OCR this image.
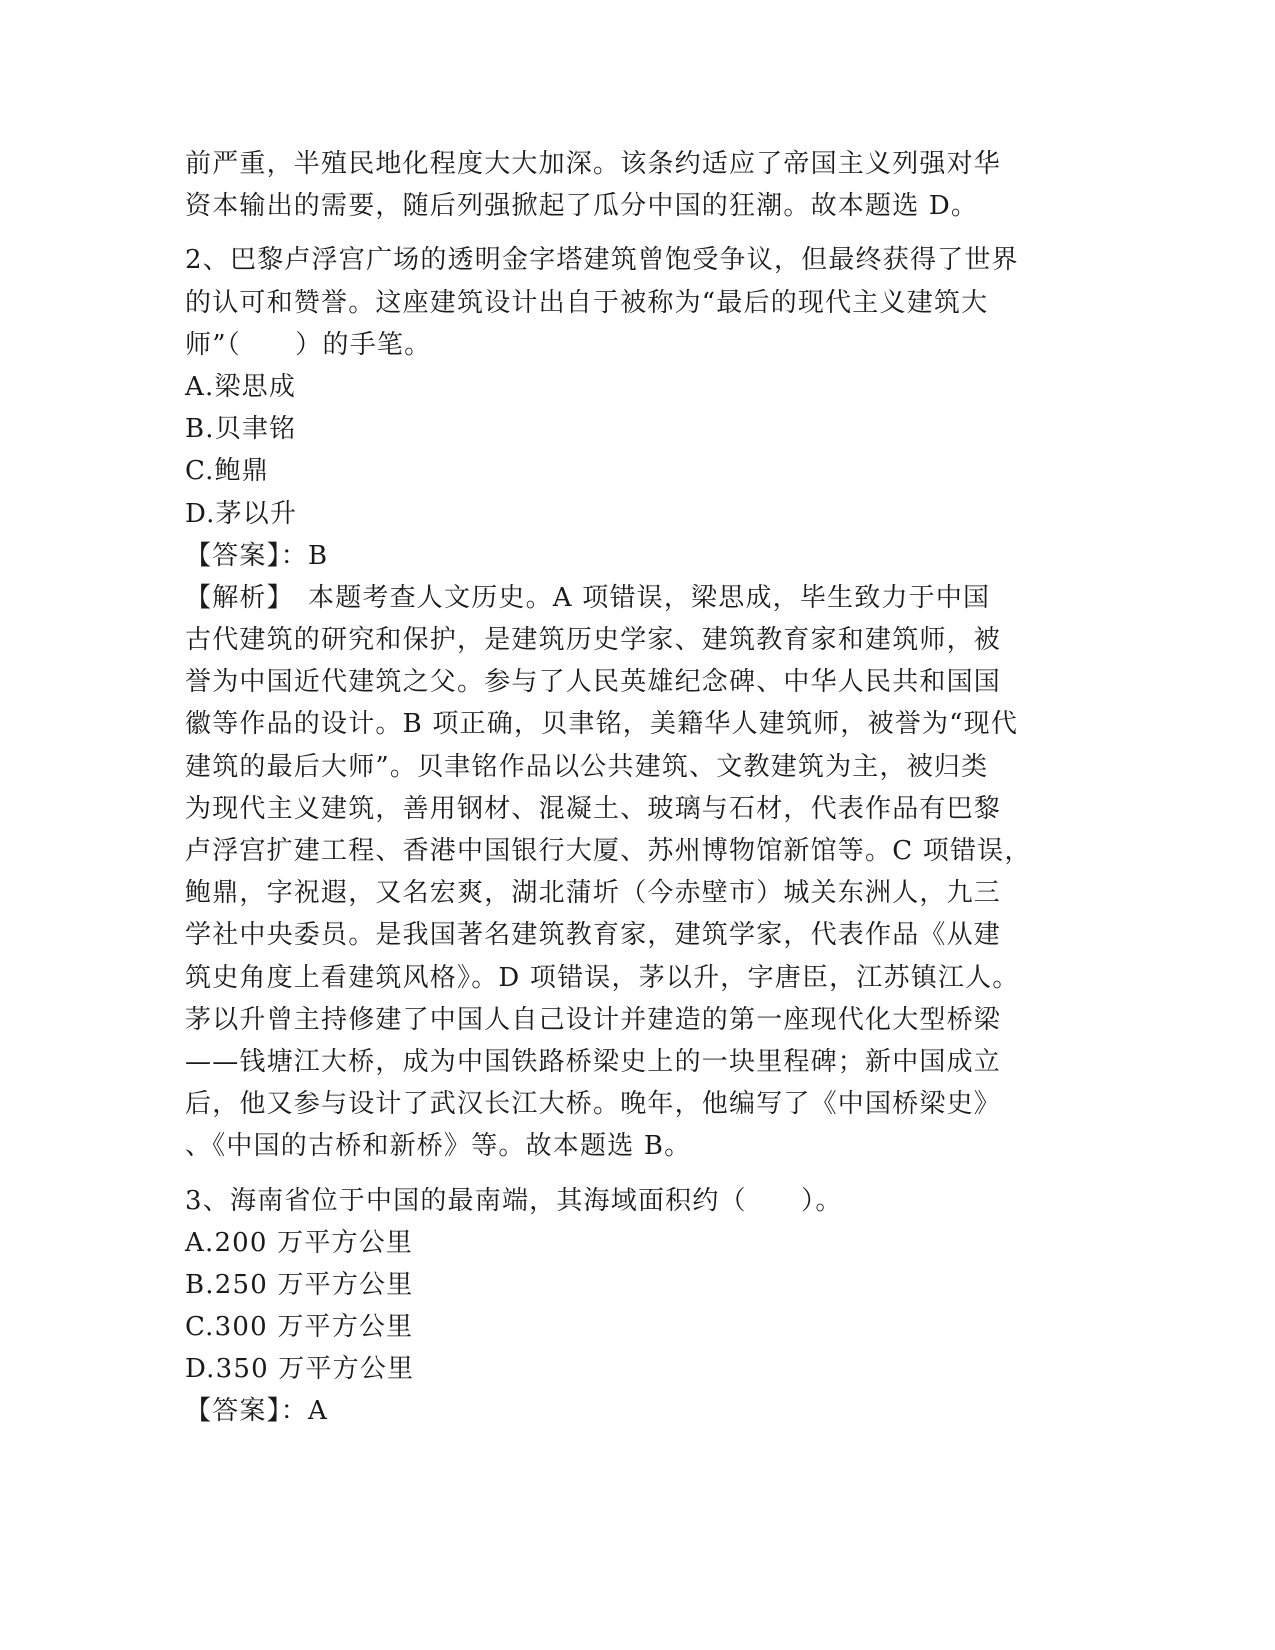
前严重，半殖民地化程度大大加深。该条约适应了帝国主义列强对华
资本输出的需要，随后列强掀起了瓜分中国的狂潮。故本题选 D。
2、巴黎卢浮宫广场的透明金字塔建筑曾饱受争议，但最终获得了世界
的认可和赞誉。这座建筑设计出自于被称为“最后的现代主义建筑大
师”（　　）的手笔。
A.梁思成
B.贝聿铭
C.鲍鼎
D.茅以升
【答案】：B
【解析】　本题考查人文历史。A 项错误，梁思成，毕生致力于中国
古代建筑的研究和保护，是建筑历史学家、建筑教育家和建筑师，被
誉为中国近代建筑之父。参与了人民英雄纪念碑、中华人民共和国国
徽等作品的设计。B 项正确，贝聿铭，美籍华人建筑师，被誉为“现代
建筑的最后大师”。贝聿铭作品以公共建筑、文教建筑为主，被归类
为现代主义建筑，善用钢材、混凝土、玻璃与石材，代表作品有巴黎
卢浮宫扩建工程、香港中国银行大厦、苏州博物馆新馆等。C 项错误，
鲍鼎，字祝遐，又名宏爽，湖北蒲圻（今赤壁市）城关东洲人，九三
学社中央委员。是我国著名建筑教育家，建筑学家，代表作品《从建
筑史角度上看建筑风格》。D 项错误，茅以升，字唐臣，江苏镇江人。
茅以升曾主持修建了中国人自己设计并建造的第一座现代化大型桥梁
——钱塘江大桥，成为中国铁路桥梁史上的一块里程碑；新中国成立
后，他又参与设计了武汉长江大桥。晚年，他编写了《中国桥梁史》
、《中国的古桥和新桥》等。故本题选 B。
3、海南省位于中国的最南端，其海域面积约（　　）。
A.200 万平方公里
B.250 万平方公里
C.300 万平方公里
D.350 万平方公里
【答案】：A
